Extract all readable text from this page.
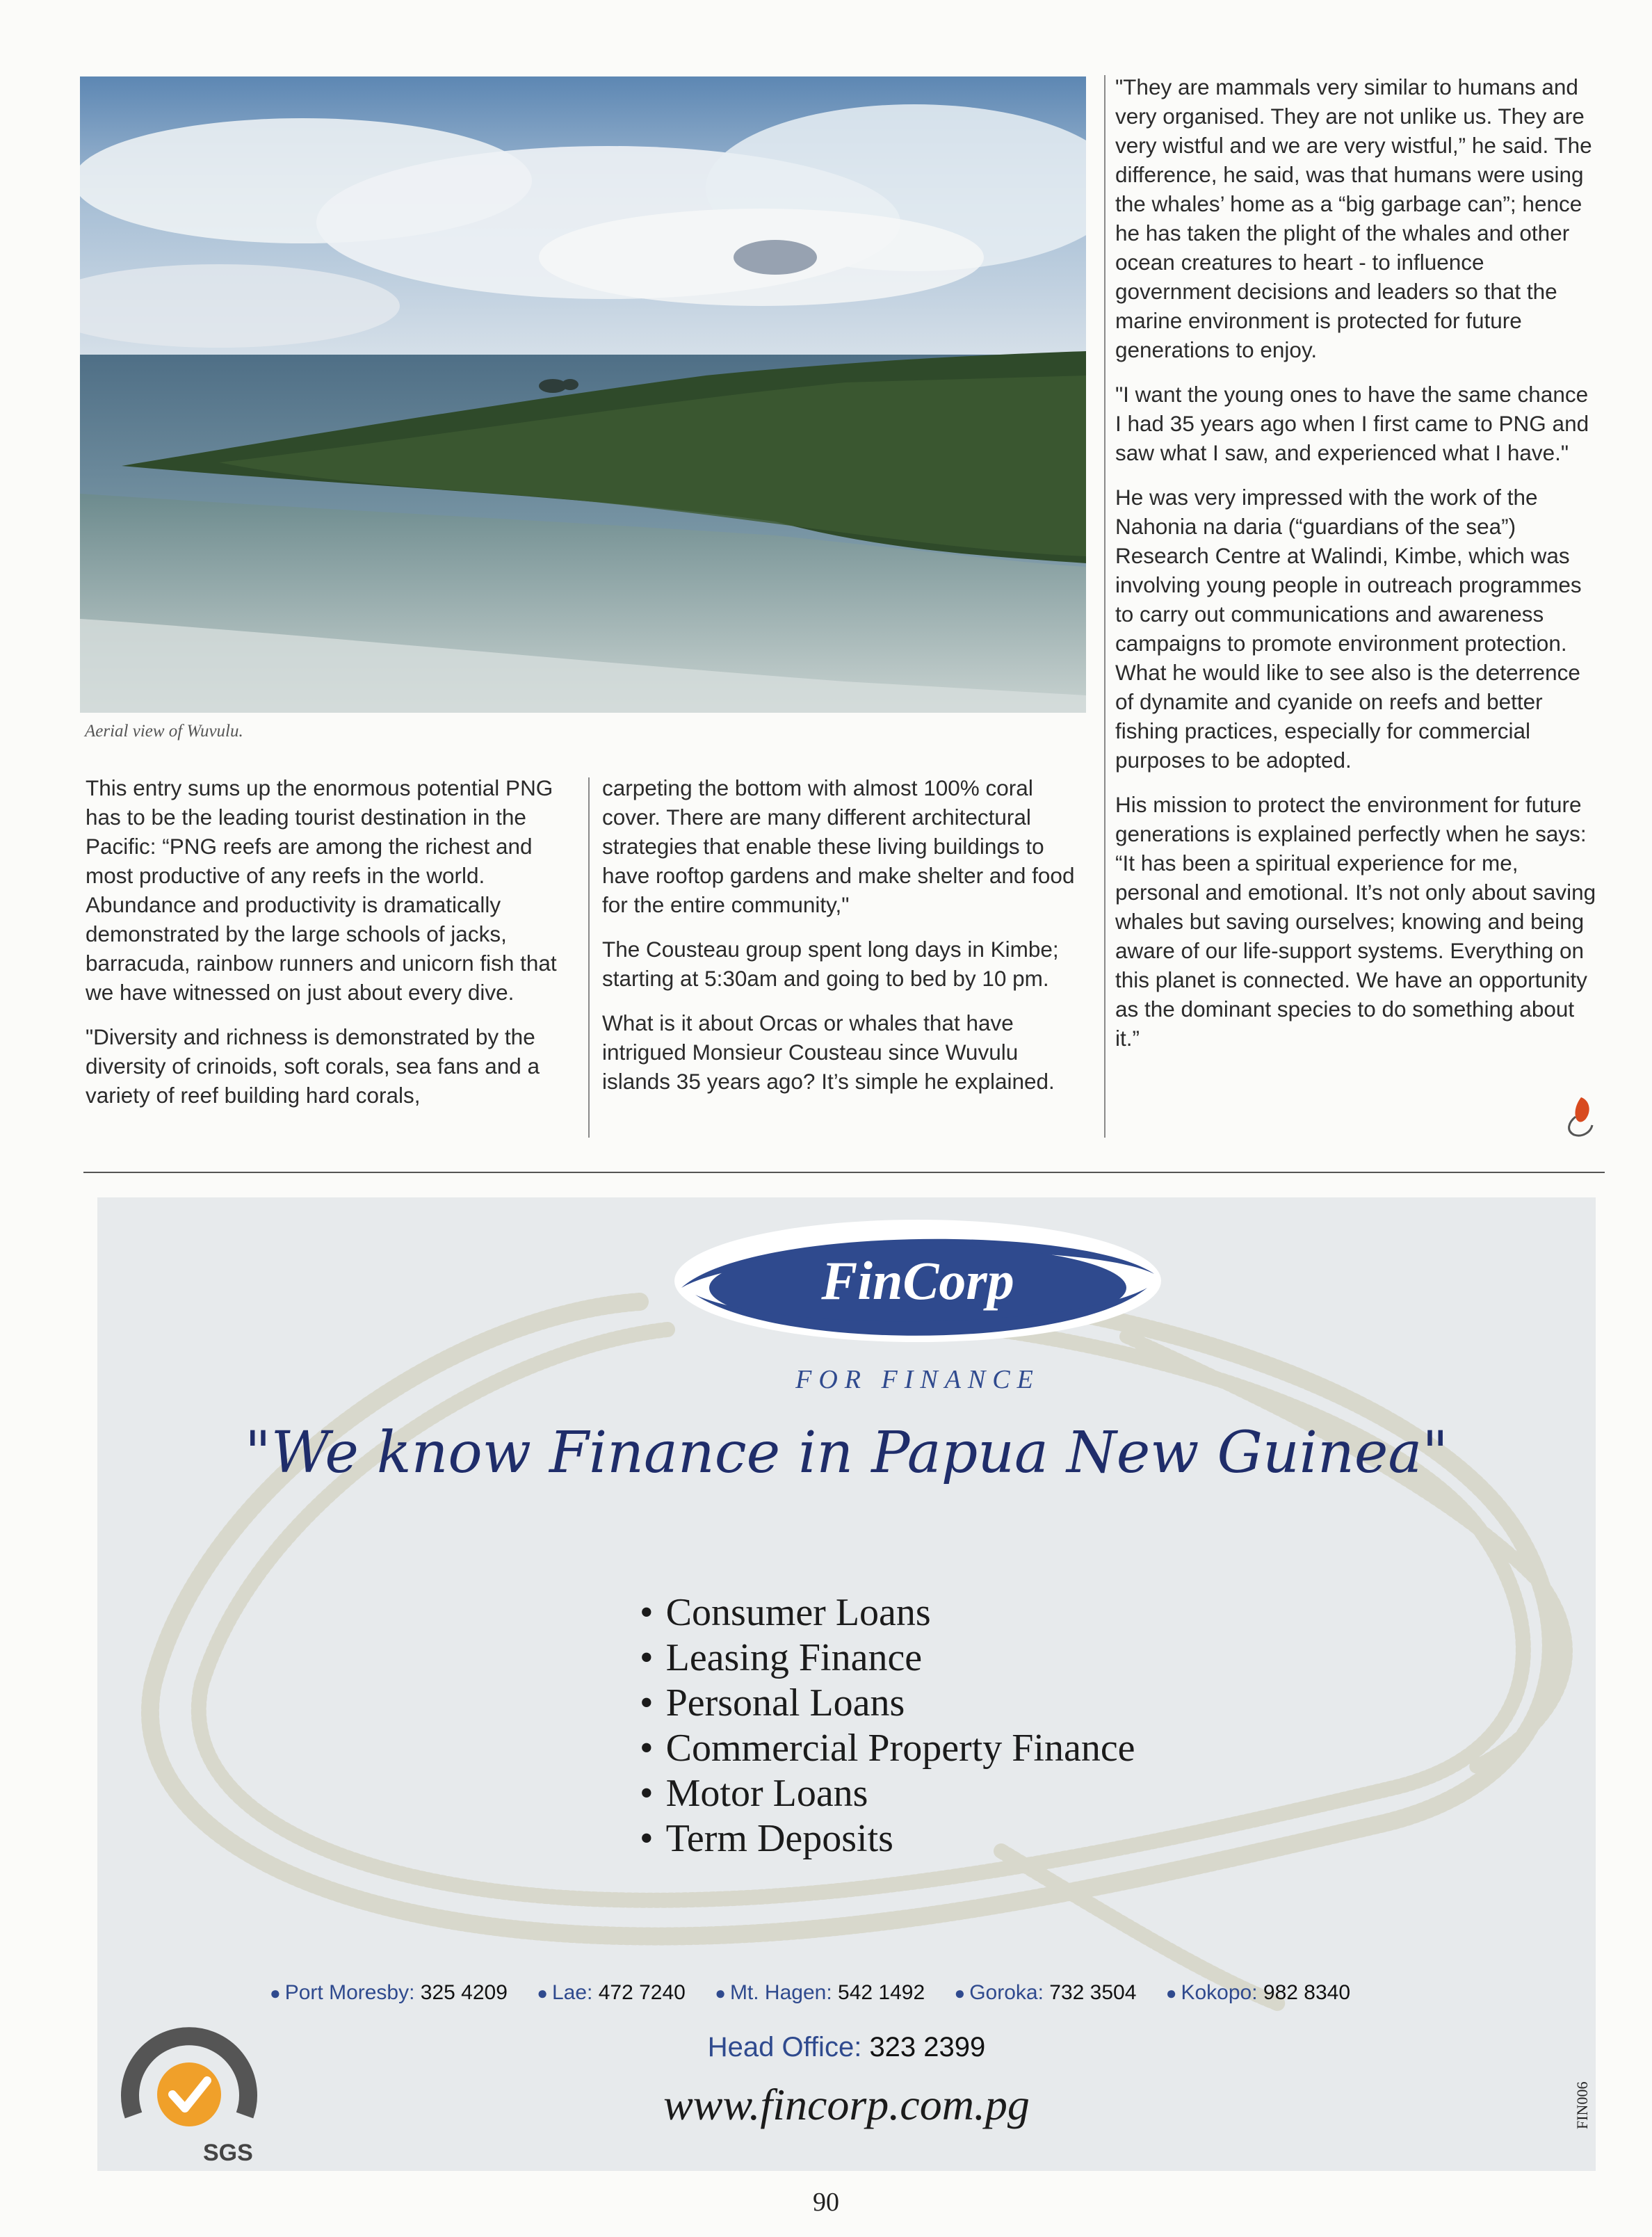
Aerial view of Wuvulu.

This entry sums up the enormous potential PNG has to be the leading tourist destination in the Pacific: “PNG reefs are among the richest and most productive of any reefs in the world. Abundance and productivity is dramatically demonstrated by the large schools of jacks, barracuda, rainbow runners and unicorn fish that we have witnessed on just about every dive.

"Diversity and richness is demonstrated by the diversity of crinoids, soft corals, sea fans and a variety of reef building hard corals,

carpeting the bottom with almost 100% coral cover. There are many different architectural strategies that enable these living buildings to have rooftop gardens and make shelter and food for the entire community,"

The Cousteau group spent long days in Kimbe; starting at 5:30am and going to bed by 10 pm.

What is it about Orcas or whales that have intrigued Monsieur Cousteau since Wuvulu islands 35 years ago? It’s simple he explained.

"They are mammals very similar to humans and very organised. They are not unlike us. They are very wistful and we are very wistful,” he said. The difference, he said, was that humans were using the whales’ home as a “big garbage can”; hence he has taken the plight of the whales and other ocean creatures to heart - to influence government decisions and leaders so that the marine environment is protected for future generations to enjoy.

"I want the young ones to have the same chance I had 35 years ago when I first came to PNG and saw what I saw, and experienced what I have."

He was very impressed with the work of the Nahonia na daria (“guardians of the sea”) Research Centre at Walindi, Kimbe, which was involving young people in outreach programmes to carry out communications and awareness campaigns to promote environment protection. What he would like to see also is the deterrence of dynamite and cyanide on reefs and better fishing practices, especially for commercial purposes to be adopted.

His mission to protect the environment for future generations is explained perfectly when he says: “It has been a spiritual experience for me, personal and emotional. It’s not only about saving whales but saving ourselves; knowing and being aware of our life-support systems. Everything on this planet is connected. We have an opportunity as the dominant species to do something about it.”

FinCorp
FOR FINANCE
"We know Finance in Papua New Guinea"
• Consumer Loans
• Leasing Finance
• Personal Loans
• Commercial Property Finance
• Motor Loans
• Term Deposits
● Port Moresby: 325 4209 ● Lae: 472 7240 ● Mt. Hagen: 542 1492 ● Goroka: 732 3504 ● Kokopo: 982 8340
Head Office: 323 2399
www.fincorp.com.pg
SGS
FIN006
90
